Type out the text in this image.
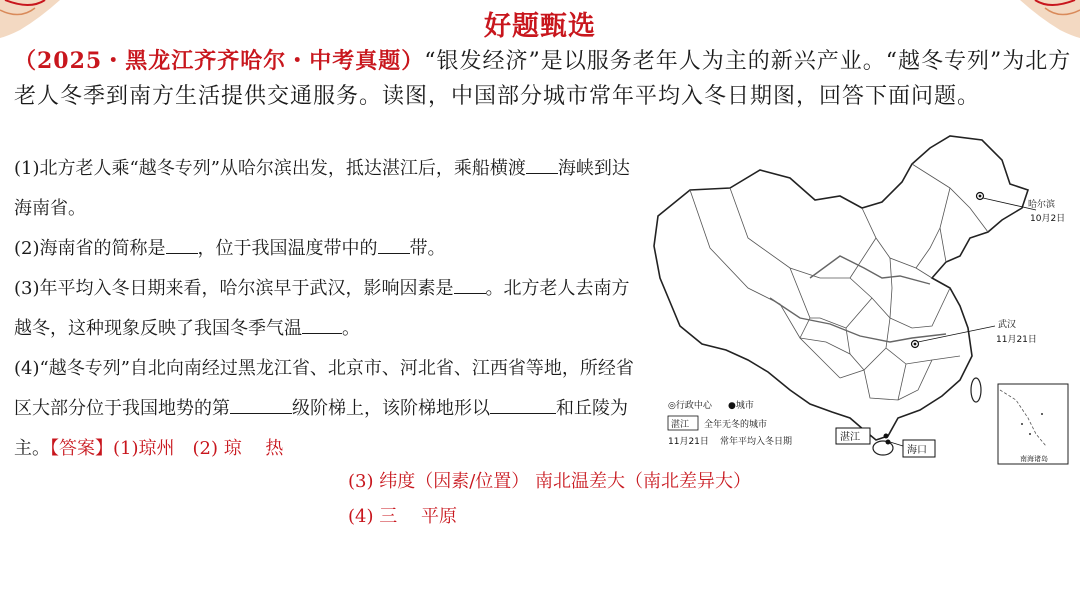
好题甄选
（2025・黑龙江齐齐哈尔・中考真题）“银发经济”是以服务老年人为主的新兴产业。“越冬专列”为北方老人冬季到南方生活提供交通服务。读图，中国部分城市常年平均入冬日期图，回答下面问题。

(1)北方老人乘“越冬专列”从哈尔滨出发，抵达湛江后，乘船横渡 海峡到达海南省。

(2)海南省的简称是 ，位于我国温度带中的 带。

(3)年平均入冬日期来看，哈尔滨早于武汉，影响因素是 。北方老人去南方越冬，这种现象反映了我国冬季气温 。

(4)“越冬专列”自北向南经过黑龙江省、北京市、河北省、江西省等地，所经省区大部分位于我国地势的第	级阶梯上，该阶梯地形以	和丘陵为主。【答案】(1)琼州　(2) 琼　 热

(3) 纬度（因素/位置） 南北温差大（南北差异大）

(4) 三　 平原

哈尔滨
10月2日
武汉
11月21日
湛江
海口
◎行政中心 ●城市
湛江 全年无冬的城市
11月21日 常年平均入冬日期
南海诸岛
